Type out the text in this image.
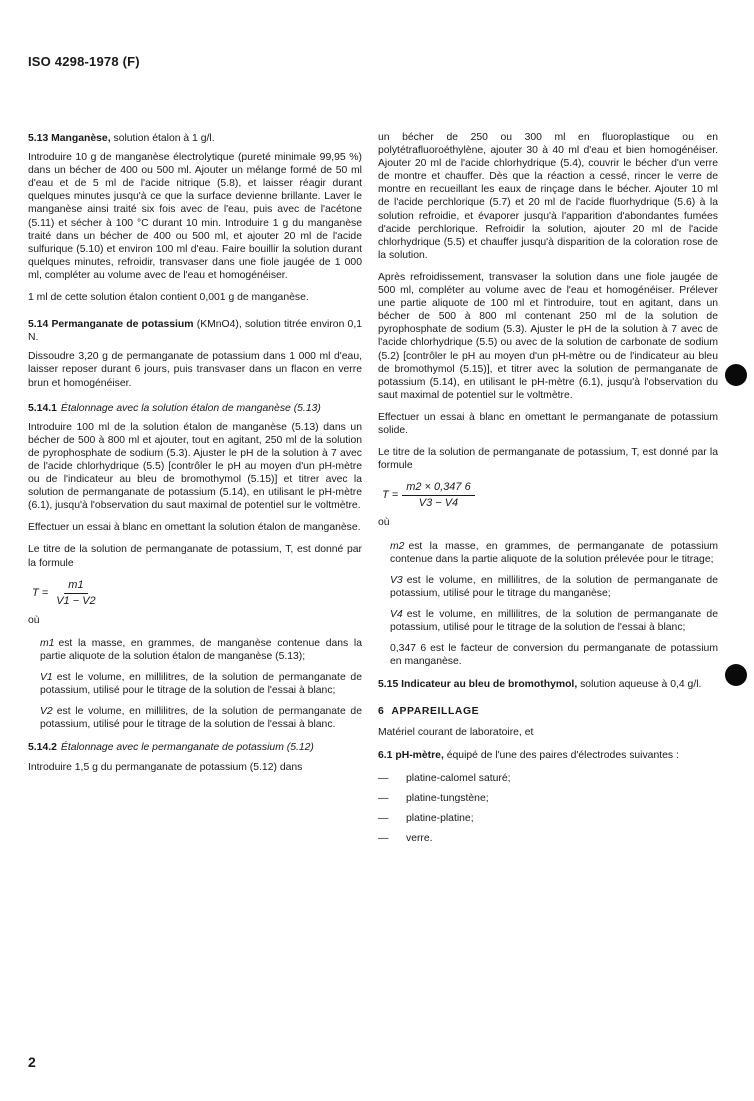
ISO 4298-1978 (F)
5.13 Manganèse, solution étalon à 1 g/l.

Introduire 10 g de manganèse électrolytique (pureté minimale 99,95 %) dans un bécher de 400 ou 500 ml. Ajouter un mélange formé de 50 ml d'eau et de 5 ml de l'acide nitrique (5.8), et laisser réagir durant quelques minutes jusqu'à ce que la surface devienne brillante. Laver le manganèse ainsi traité six fois avec de l'eau, puis avec de l'acétone (5.11) et sécher à 100 °C durant 10 min. Introduire 1 g du manganèse traité dans un bécher de 400 ou 500 ml, et ajouter 20 ml de l'acide sulfurique (5.10) et environ 100 ml d'eau. Faire bouillir la solution durant quelques minutes, refroidir, transvaser dans une fiole jaugée de 1 000 ml, compléter au volume avec de l'eau et homogénéiser.

1 ml de cette solution étalon contient 0,001 g de manganèse.

5.14 Permanganate de potassium (KMnO4), solution titrée environ 0,1 N.

Dissoudre 3,20 g de permanganate de potassium dans 1 000 ml d'eau, laisser reposer durant 6 jours, puis transvaser dans un flacon en verre brun et homogénéiser.

5.14.1 Étalonnage avec la solution étalon de manganèse (5.13)

Introduire 100 ml de la solution étalon de manganèse (5.13) dans un bécher de 500 à 800 ml et ajouter, tout en agitant, 250 ml de la solution de pyrophosphate de sodium (5.3). Ajuster le pH de la solution à 7 avec de l'acide chlorhydrique (5.5) [contrôler le pH au moyen d'un pH-mètre ou de l'indicateur au bleu de bromothymol (5.15)] et titrer avec la solution de permanganate de potassium (5.14), en utilisant le pH-mètre (6.1), jusqu'à l'observation du saut maximal de potentiel sur le voltmètre.

Effectuer un essai à blanc en omettant la solution étalon de manganèse.

Le titre de la solution de permanganate de potassium, T, est donné par la formule

$T = \frac{m1}{V1 - V2}$
où
m1 est la masse, en grammes, de manganèse contenue dans la partie aliquote de la solution étalon de manganèse (5.13);
V1 est le volume, en millilitres, de la solution de permanganate de potassium, utilisé pour le titrage de la solution de l'essai à blanc;
V2 est le volume, en millilitres, de la solution de permanganate de potassium, utilisé pour le titrage de la solution de l'essai à blanc.
5.14.2 Étalonnage avec le permanganate de potassium (5.12)

Introduire 1,5 g du permanganate de potassium (5.12) dans

un bécher de 250 ou 300 ml en fluoroplastique ou en polytétrafluoroéthylène, ajouter 30 à 40 ml d'eau et bien homogénéiser. Ajouter 20 ml de l'acide chlorhydrique (5.4), couvrir le bécher d'un verre de montre et chauffer. Dès que la réaction a cessé, rincer le verre de montre en recueillant les eaux de rinçage dans le bécher. Ajouter 10 ml de l'acide perchlorique (5.7) et 20 ml de l'acide fluorhydrique (5.6) à la solution refroidie, et évaporer jusqu'à l'apparition d'abondantes fumées d'acide perchlorique. Refroidir la solution, ajouter 20 ml de l'acide chlorhydrique (5.5) et chauffer jusqu'à disparition de la coloration rose de la solution.

Après refroidissement, transvaser la solution dans une fiole jaugée de 500 ml, compléter au volume avec de l'eau et homogénéiser. Prélever une partie aliquote de 100 ml et l'introduire, tout en agitant, dans un bécher de 500 à 800 ml contenant 250 ml de la solution de pyrophosphate de sodium (5.3). Ajuster le pH de la solution à 7 avec de l'acide chlorhydrique (5.5) ou avec de la solution de carbonate de sodium (5.2) [contrôler le pH au moyen d'un pH-mètre ou de l'indicateur au bleu de bromothymol (5.15)], et titrer avec la solution de permanganate de potassium (5.14), en utilisant le pH-mètre (6.1), jusqu'à l'observation du saut maximal de potentiel sur le voltmètre.

Effectuer un essai à blanc en omettant le permanganate de potassium solide.

Le titre de la solution de permanganate de potassium, T, est donné par la formule

$T = \frac{m2 \times 0,347 6}{V3 - V4}$
où
m2 est la masse, en grammes, de permanganate de potassium contenue dans la partie aliquote de la solution prélevée pour le titrage;
V3 est le volume, en millilitres, de la solution de permanganate de potassium, utilisé pour le titrage du manganèse;
V4 est le volume, en millilitres, de la solution de permanganate de potassium, utilisé pour le titrage de la solution de l'essai à blanc;
0,347 6 est le facteur de conversion du permanganate de potassium en manganèse.
5.15 Indicateur au bleu de bromothymol, solution aqueuse à 0,4 g/l.
6 APPAREILLAGE

Matériel courant de laboratoire, et

6.1 pH-mètre, équipé de l'une des paires d'électrodes suivantes :
—	platine-calomel saturé;
—	platine-tungstène;
—	platine-platine;
—	verre.
2
